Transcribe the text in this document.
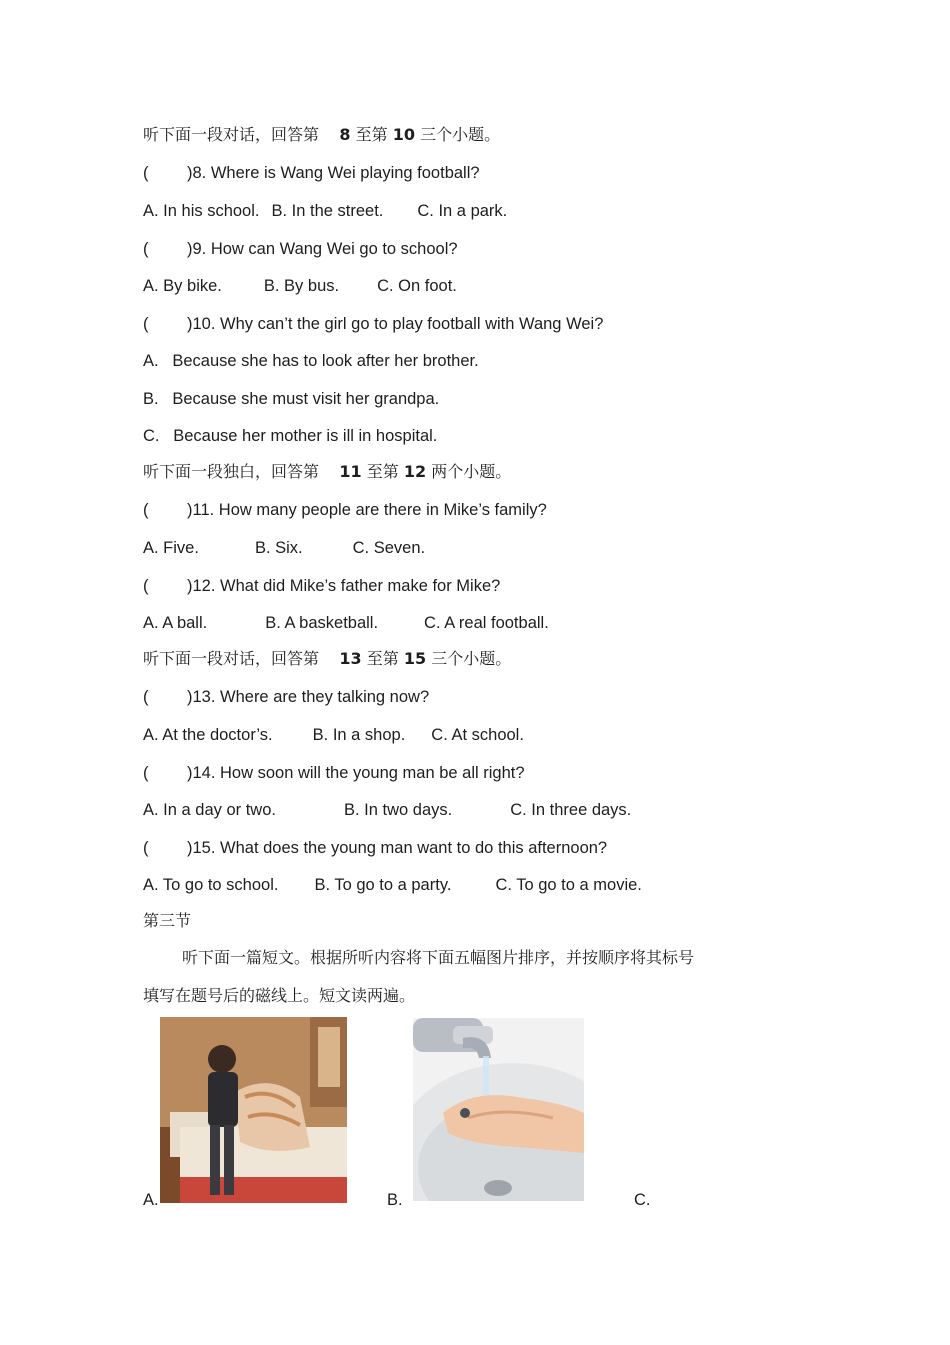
听下面一段对话，回答第 8 至第 10 三个小题。
( )8. Where is Wang Wei playing football?
A. In his school. B. In the street. C. In a park.
( )9. How can Wang Wei go to school?
A. By bike.	B. By bus. C. On foot.
( )10. Why can’t the girl go to play football with Wang Wei?
A.   Because she has to look after her brother.
B.   Because she must visit her grandpa.
C.   Because her mother is ill in hospital.
听下面一段独白，回答第 11 至第 12 两个小题。
( )11. How many people are there in Mike’s family?
A. Five.	B. Six.	C. Seven.
( )12. What did Mike’s father make for Mike?
A. A ball.	B. A basketball.	C. A real football.
听下面一段对话，回答第 13 至第 15 三个小题。
( )13. Where are they talking now?
A. At the doctor’s. B. In a shop. C. At school.
( )14. How soon will the young man be all right?
A. In a day or two.	B. In two days.	C. In three days.
( )15. What does the young man want to do this afternoon?
A. To go to school. B. To go to a party.	C. To go to a movie.
第三节
听下面一篇短文。根据所听内容将下面五幅图片排序，并按顺序将其标号
填写在题号后的磁线上。短文读两遍。
A.	B.	C.
